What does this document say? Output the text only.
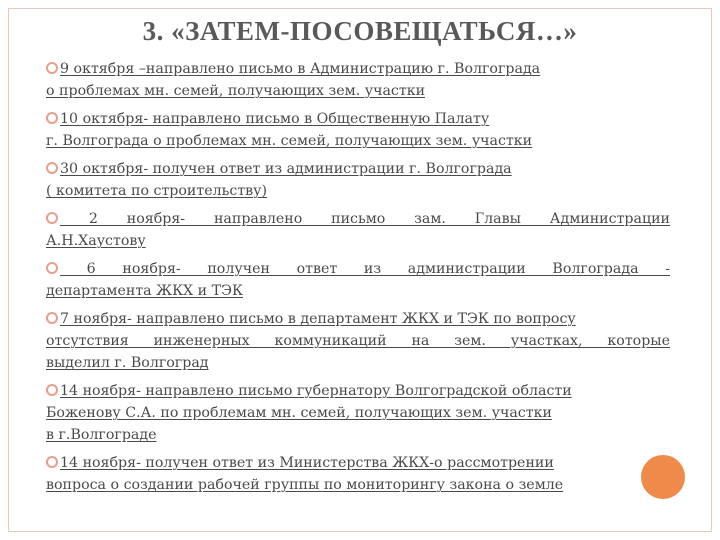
3. «ЗАТЕМ-ПОСОВЕЩАТЬСЯ…»

9 октября –направлено письмо в Администрацию г. Волгограда

о проблемах мн. семей, получающих зем. участки

10 октября- направлено письмо в Общественную Палату

г. Волгограда о проблемах мн. семей, получающих зем. участки

30 октября- получен ответ из администрации г. Волгограда

( комитета по строительству)

2 ноября- направлено письмо зам. Главы Администрации

А.Н.Хаустову

6 ноября- получен ответ из администрации Волгограда -

департамента ЖКХ и ТЭК

7 ноября- направлено письмо в департамент ЖКХ и ТЭК по вопросу

отсутствия инженерных коммуникаций на зем. участках, которые

выделил г. Волгоград

14 ноября- направлено письмо губернатору Волгоградской области

Боженову С.А. по проблемам мн. семей, получающих зем. участки

в г.Волгограде

14 ноября- получен ответ из Министерства ЖКХ-о рассмотрении

вопроса о создании рабочей группы по мониторингу закона о земле
